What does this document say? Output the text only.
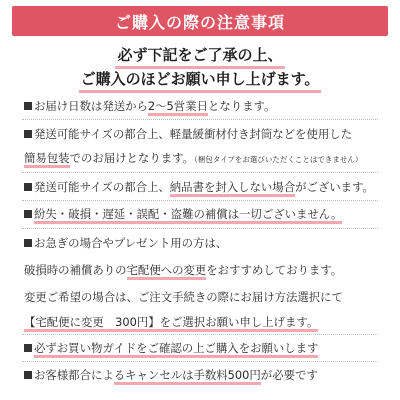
ご購入の際の注意事項
必ず下記をご了承の上、
ご購入のほどお願い申し上げます。
お届け日数は発送から2～5営業日となります。
発送可能サイズの都合上、軽量緩衝材付き封筒などを使用した
簡易包装でのお届けとなります。（梱包タイプをお選びいただくことはできません）
発送可能サイズの都合上、納品書を封入しない場合がございます。
紛失・破損・遅延・誤配・盗難の補償は一切ございません。
お急ぎの場合やプレゼント用の方は、
破損時の補償ありの宅配便への変更をおすすめしております。
変更ご希望の場合は、ご注文手続きの際にお届け方法選択にて
【宅配便に変更　300円】をご選択お願い申し上げます。
必ずお買い物ガイドをご確認の上ご購入をお願いします
お客様都合によるキャンセルは手数料500円が必要です
